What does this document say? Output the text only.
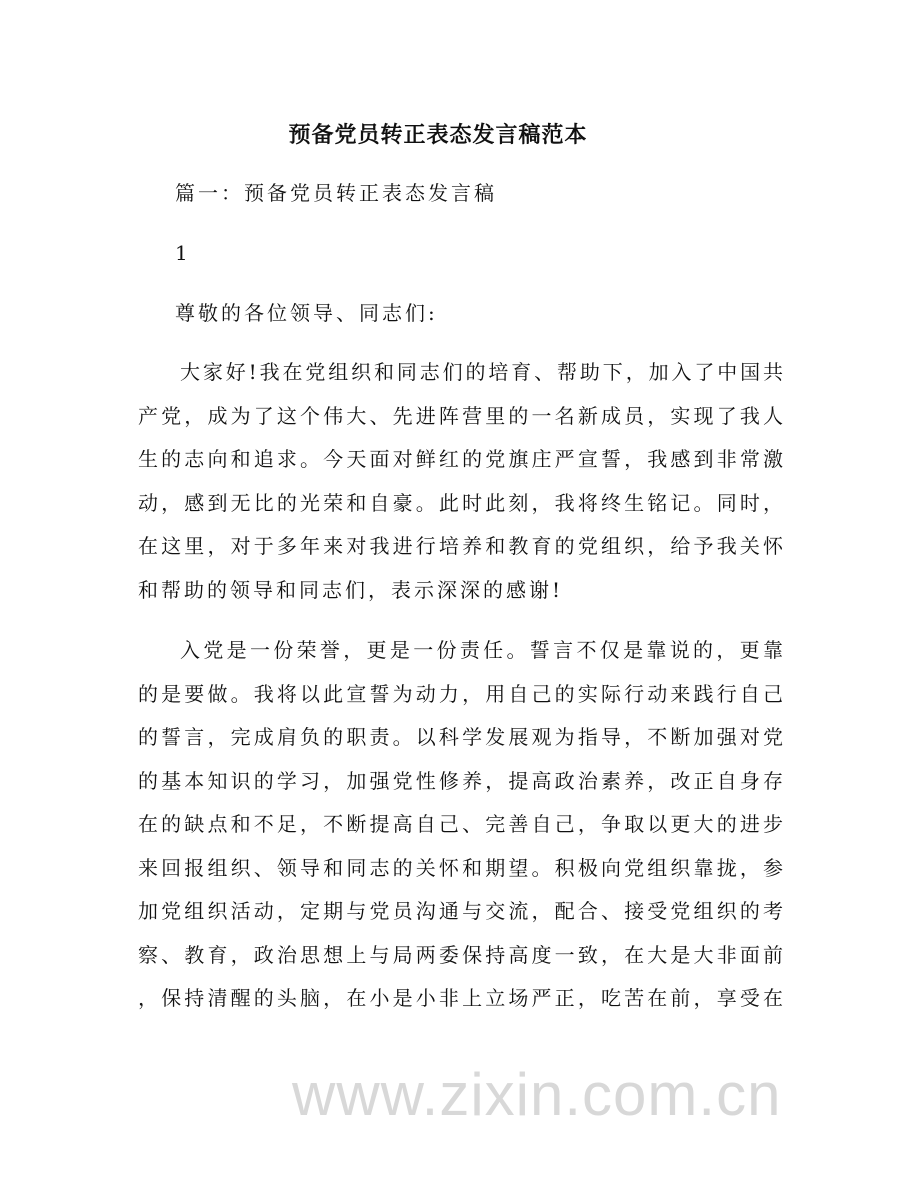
预备党员转正表态发言稿范本
篇一：预备党员转正表态发言稿
1
尊敬的各位领导、同志们:
大家好!我在党组织和同志们的培育、帮助下，加入了中国共
产党，成为了这个伟大、先进阵营里的一名新成员，实现了我人
生的志向和追求。今天面对鲜红的党旗庄严宣誓，我感到非常激
动，感到无比的光荣和自豪。此时此刻，我将终生铭记。同时，
在这里，对于多年来对我进行培养和教育的党组织，给予我关怀
和帮助的领导和同志们，表示深深的感谢!
入党是一份荣誉，更是一份责任。誓言不仅是靠说的，更靠
的是要做。我将以此宣誓为动力，用自己的实际行动来践行自己
的誓言，完成肩负的职责。以科学发展观为指导，不断加强对党
的基本知识的学习，加强党性修养，提高政治素养，改正自身存
在的缺点和不足，不断提高自己、完善自己，争取以更大的进步
来回报组织、领导和同志的关怀和期望。积极向党组织靠拢，参
加党组织活动，定期与党员沟通与交流，配合、接受党组织的考
察、教育，政治思想上与局两委保持高度一致，在大是大非面前
，保持清醒的头脑，在小是小非上立场严正，吃苦在前，享受在
www.zixin.com.cn
